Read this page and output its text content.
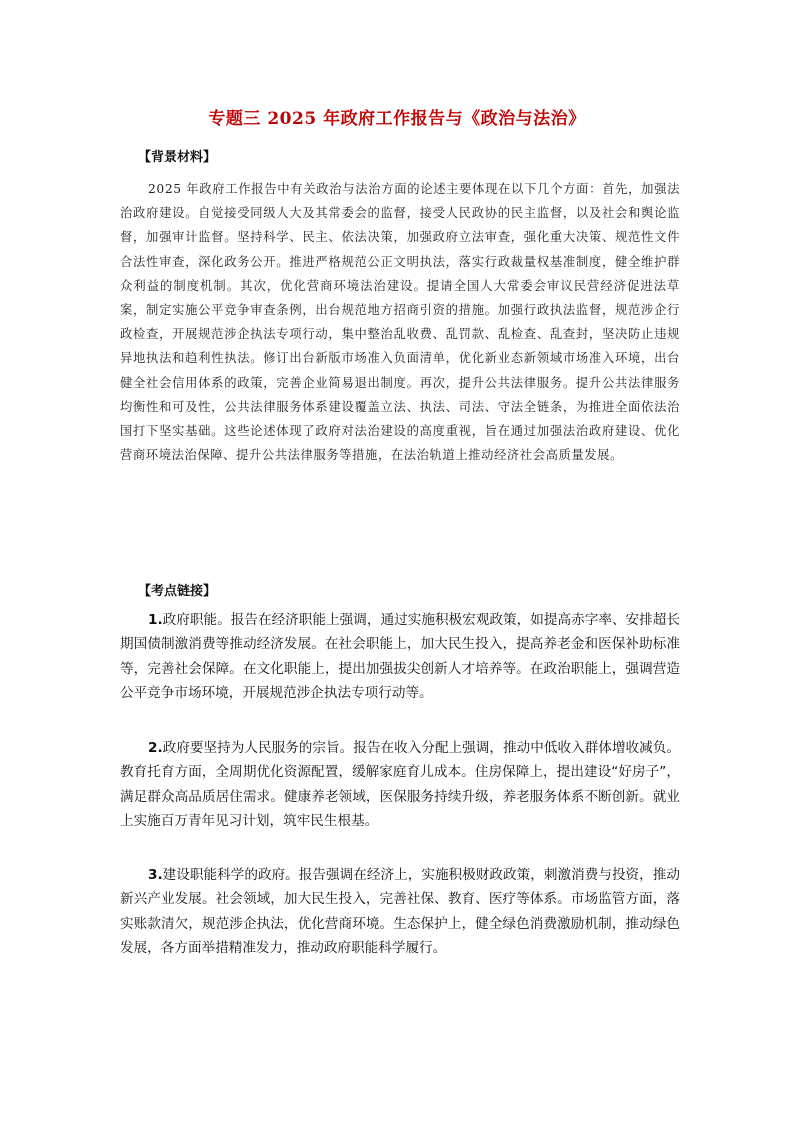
专题三 2025 年政府工作报告与《政治与法治》
【背景材料】
2025 年政府工作报告中有关政治与法治方面的论述主要体现在以下几个方面：首先，加强法治政府建设。自觉接受同级人大及其常委会的监督，接受人民政协的民主监督，以及社会和舆论监督，加强审计监督。坚持科学、民主、依法决策，加强政府立法审查，强化重大决策、规范性文件合法性审查，深化政务公开。推进严格规范公正文明执法，落实行政裁量权基准制度，健全维护群众利益的制度机制。其次，优化营商环境法治建设。提请全国人大常委会审议民营经济促进法草案，制定实施公平竞争审查条例，出台规范地方招商引资的措施。加强行政执法监督，规范涉企行政检查，开展规范涉企执法专项行动，集中整治乱收费、乱罚款、乱检查、乱查封，坚决防止违规异地执法和趋利性执法。修订出台新版市场准入负面清单，优化新业态新领域市场准入环境，出台健全社会信用体系的政策，完善企业简易退出制度。再次，提升公共法律服务。提升公共法律服务均衡性和可及性，公共法律服务体系建设覆盖立法、执法、司法、守法全链条，为推进全面依法治国打下坚实基础。这些论述体现了政府对法治建设的高度重视，旨在通过加强法治政府建设、优化营商环境法治保障、提升公共法律服务等措施，在法治轨道上推动经济社会高质量发展。
【考点链接】
1.政府职能。报告在经济职能上强调，通过实施积极宏观政策，如提高赤字率、安排超长期国债制激消费等推动经济发展。在社会职能上，加大民生投入，提高养老金和医保补助标准等，完善社会保障。在文化职能上，提出加强拔尖创新人才培养等。在政治职能上，强调营造公平竞争市场环境，开展规范涉企执法专项行动等。
2.政府要坚持为人民服务的宗旨。报告在收入分配上强调，推动中低收入群体增收减负。教育托育方面，全周期优化资源配置，缓解家庭育儿成本。住房保障上，提出建设“好房子”，满足群众高品质居住需求。健康养老领域，医保服务持续升级，养老服务体系不断创新。就业上实施百万青年见习计划，筑牢民生根基。
3.建设职能科学的政府。报告强调在经济上，实施积极财政政策，刺激消费与投资，推动新兴产业发展。社会领域，加大民生投入，完善社保、教育、医疗等体系。市场监管方面，落实账款清欠，规范涉企执法，优化营商环境。生态保护上，健全绿色消费激励机制，推动绿色发展，各方面举措精准发力，推动政府职能科学履行。
